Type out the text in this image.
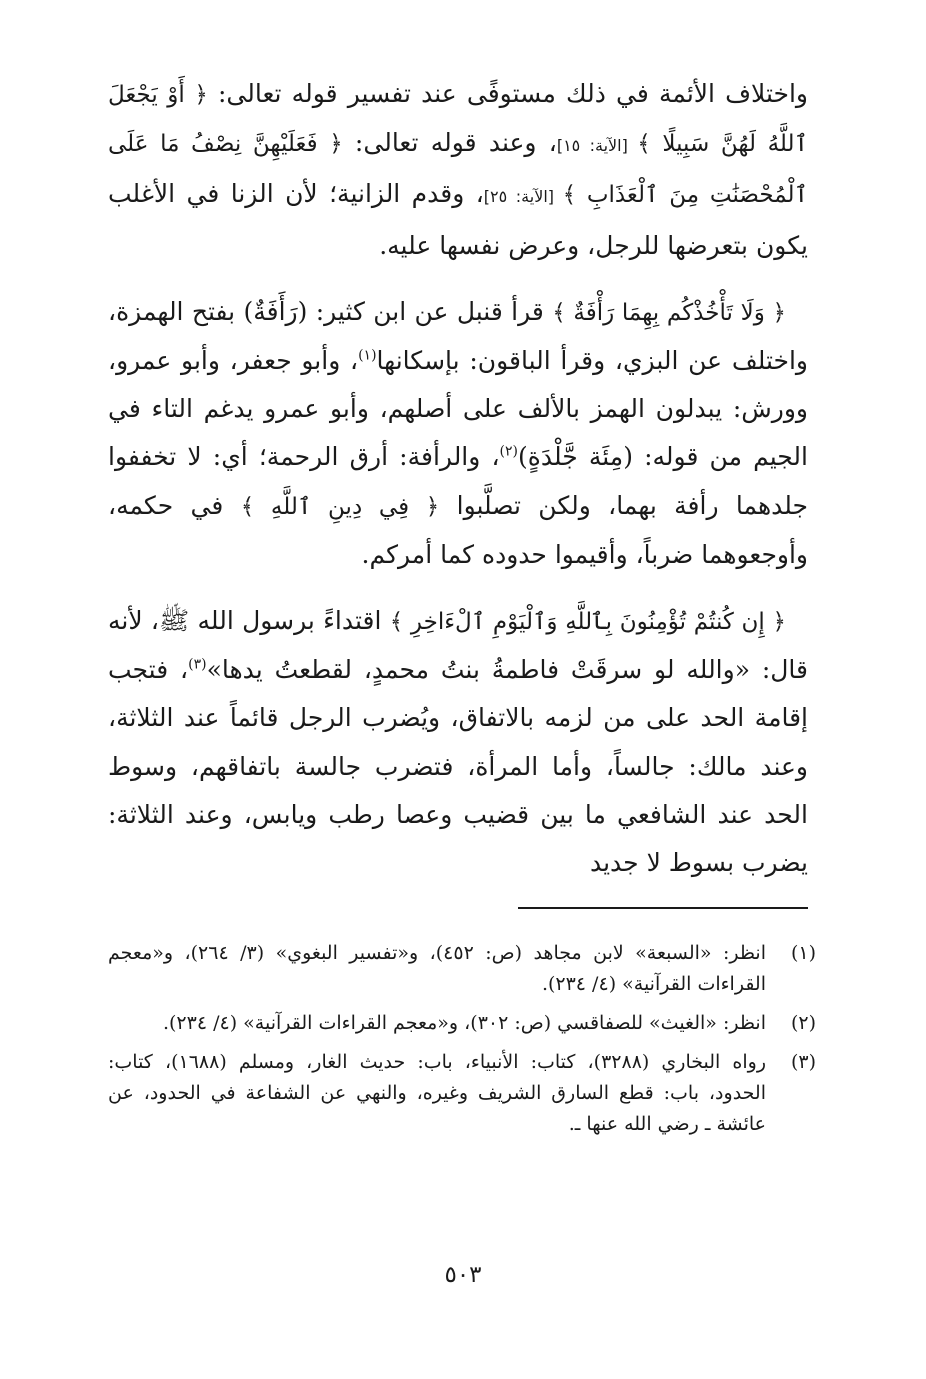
واختلاف الأئمة في ذلك مستوفًى عند تفسير قوله تعالى: ﴿ أَوْ يَجْعَلَ ٱللَّهُ لَهُنَّ سَبِيلًا ﴾ [الآية: ١٥]، وعند قوله تعالى: ﴿ فَعَلَيْهِنَّ نِصْفُ مَا عَلَى ٱلْمُحْصَنَٰتِ مِنَ ٱلْعَذَابِ ﴾ [الآية: ٢٥]، وقدم الزانية؛ لأن الزنا في الأغلب يكون بتعرضها للرجل، وعرض نفسها عليه.

﴿ وَلَا تَأْخُذْكُم بِهِمَا رَأْفَةٌ ﴾ قرأ قنبل عن ابن كثير: (رَأَفَةٌ) بفتح الهمزة، واختلف عن البزي، وقرأ الباقون: بإسكانها$^{(١)}$، وأبو جعفر، وأبو عمرو، وورش: يبدلون الهمز بالألف على أصلهم، وأبو عمرو يدغم التاء في الجيم من قوله: (مِئَة جَّلْدَةٍ)$^{(٢)}$، والرأفة: أرق الرحمة؛ أي: لا تخففوا جلدهما رأفة بهما، ولكن تصلَّبوا ﴿ فِي دِينِ ٱللَّهِ ﴾ في حكمه، وأوجعوهما ضرباً، وأقيموا حدوده كما أمركم.

﴿ إِن كُنتُمْ تُؤْمِنُونَ بِٱللَّهِ وَٱلْيَوْمِ ٱلْءَاخِرِ ﴾ اقتداءً برسول الله ﷺ، لأنه قال: «والله لو سرقَتْ فاطمةُ بنتُ محمدٍ، لقطعتُ يدها»$^{(٣)}$، فتجب إقامة الحد على من لزمه بالاتفاق، ويُضرب الرجل قائماً عند الثلاثة، وعند مالك: جالساً، وأما المرأة، فتضرب جالسة باتفاقهم، وسوط الحد عند الشافعي ما بين قضيب وعصا رطب ويابس، وعند الثلاثة: يضرب بسوط لا جديد

(١)
انظر: «السبعة» لابن مجاهد (ص: ٤٥٢)، و«تفسير البغوي» (٣/ ٢٦٤)، و«معجم القراءات القرآنية» (٤/ ٢٣٤).
(٢)
انظر: «الغيث» للصفاقسي (ص: ٣٠٢)، و«معجم القراءات القرآنية» (٤/ ٢٣٤).
(٣)
رواه البخاري (٣٢٨٨)، كتاب: الأنبياء، باب: حديث الغار، ومسلم (١٦٨٨)، كتاب: الحدود، باب: قطع السارق الشريف وغيره، والنهي عن الشفاعة في الحدود، عن عائشة ـ رضي الله عنها ـ.
٥٠٣
